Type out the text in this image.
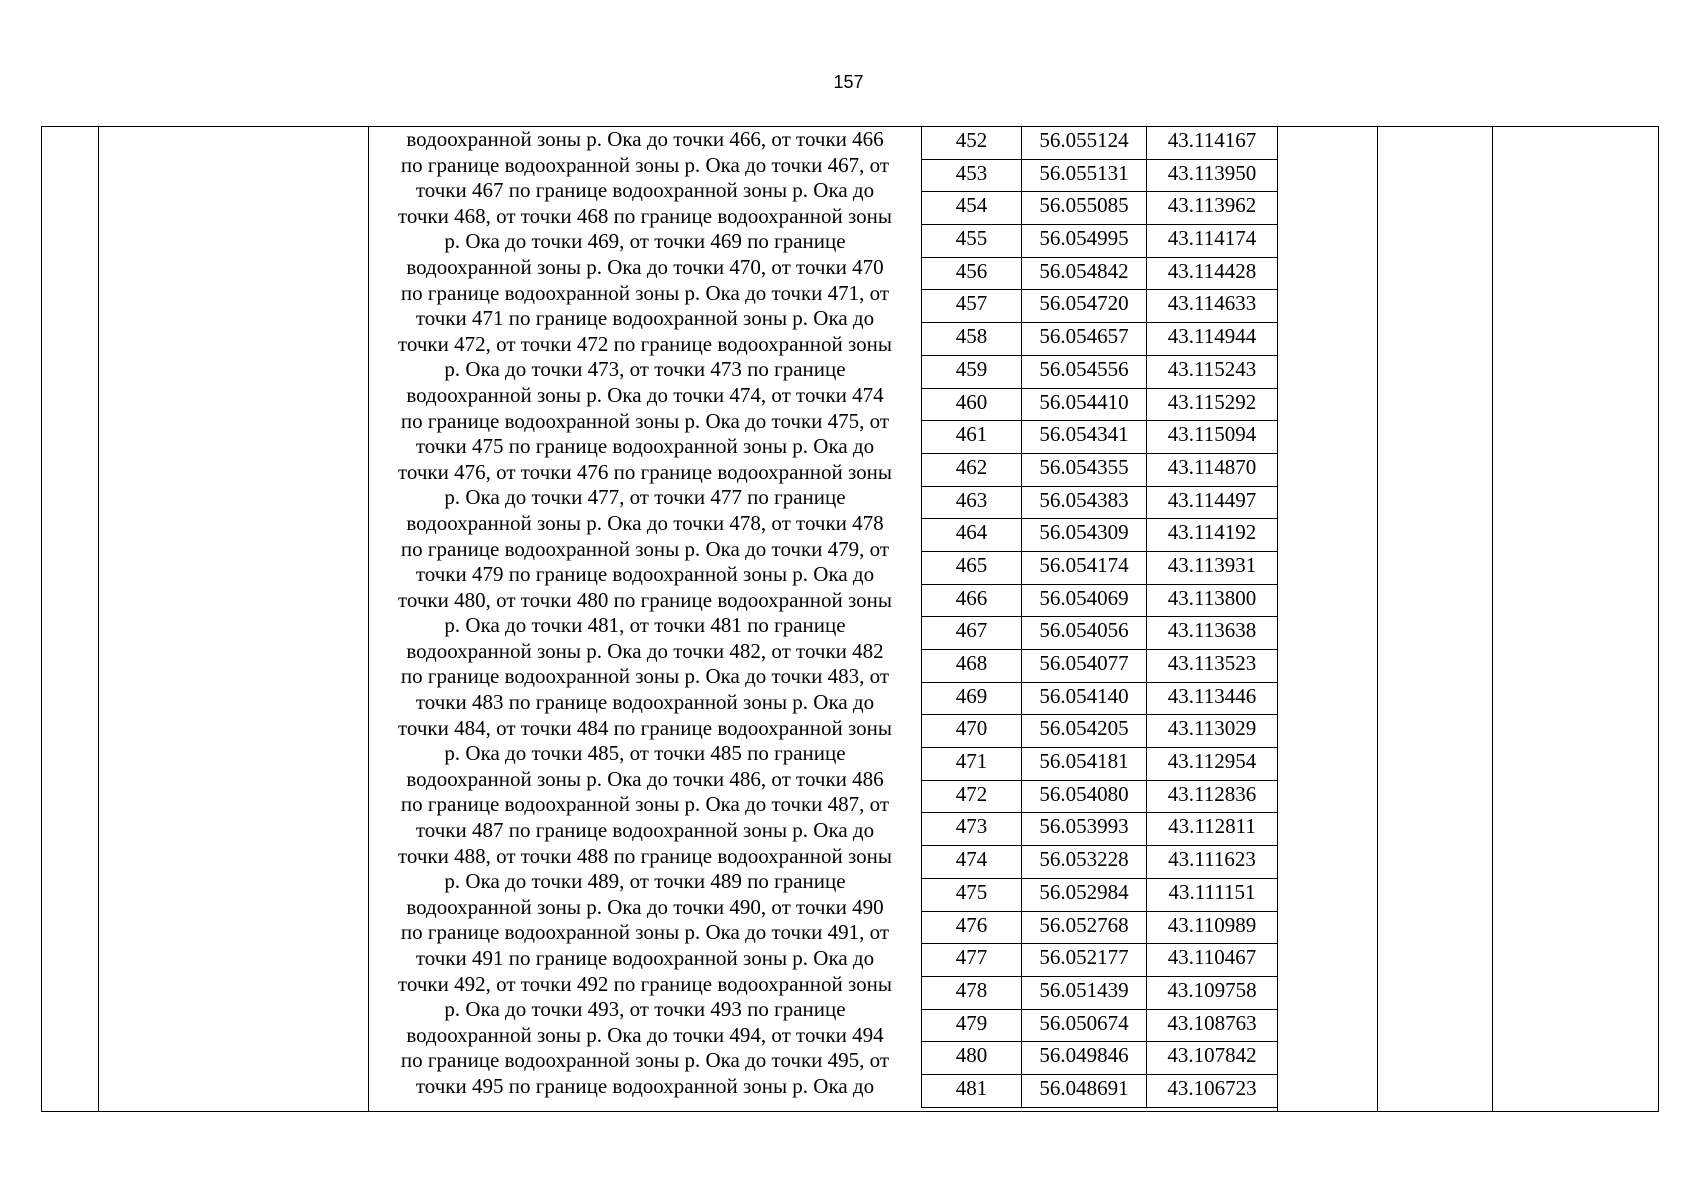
157
водоохранной зоны р. Ока до точки 466, от точки 466
по границе водоохранной зоны р. Ока до точки 467, от
точки 467 по границе водоохранной зоны р. Ока до
точки 468, от точки 468 по границе водоохранной зоны
р. Ока до точки 469, от точки 469 по границе
водоохранной зоны р. Ока до точки 470, от точки 470
по границе водоохранной зоны р. Ока до точки 471, от
точки 471 по границе водоохранной зоны р. Ока до
точки 472, от точки 472 по границе водоохранной зоны
р. Ока до точки 473, от точки 473 по границе
водоохранной зоны р. Ока до точки 474, от точки 474
по границе водоохранной зоны р. Ока до точки 475, от
точки 475 по границе водоохранной зоны р. Ока до
точки 476, от точки 476 по границе водоохранной зоны
р. Ока до точки 477, от точки 477 по границе
водоохранной зоны р. Ока до точки 478, от точки 478
по границе водоохранной зоны р. Ока до точки 479, от
точки 479 по границе водоохранной зоны р. Ока до
точки 480, от точки 480 по границе водоохранной зоны
р. Ока до точки 481, от точки 481 по границе
водоохранной зоны р. Ока до точки 482, от точки 482
по границе водоохранной зоны р. Ока до точки 483, от
точки 483 по границе водоохранной зоны р. Ока до
точки 484, от точки 484 по границе водоохранной зоны
р. Ока до точки 485, от точки 485 по границе
водоохранной зоны р. Ока до точки 486, от точки 486
по границе водоохранной зоны р. Ока до точки 487, от
точки 487 по границе водоохранной зоны р. Ока до
точки 488, от точки 488 по границе водоохранной зоны
р. Ока до точки 489, от точки 489 по границе
водоохранной зоны р. Ока до точки 490, от точки 490
по границе водоохранной зоны р. Ока до точки 491, от
точки 491 по границе водоохранной зоны р. Ока до
точки 492, от точки 492 по границе водоохранной зоны
р. Ока до точки 493, от точки 493 по границе
водоохранной зоны р. Ока до точки 494, от точки 494
по границе водоохранной зоны р. Ока до точки 495, от
точки 495 по границе водоохранной зоны р. Ока до
452	56.055124	43.114167
453	56.055131	43.113950
454	56.055085	43.113962
455	56.054995	43.114174
456	56.054842	43.114428
457	56.054720	43.114633
458	56.054657	43.114944
459	56.054556	43.115243
460	56.054410	43.115292
461	56.054341	43.115094
462	56.054355	43.114870
463	56.054383	43.114497
464	56.054309	43.114192
465	56.054174	43.113931
466	56.054069	43.113800
467	56.054056	43.113638
468	56.054077	43.113523
469	56.054140	43.113446
470	56.054205	43.113029
471	56.054181	43.112954
472	56.054080	43.112836
473	56.053993	43.112811
474	56.053228	43.111623
475	56.052984	43.111151
476	56.052768	43.110989
477	56.052177	43.110467
478	56.051439	43.109758
479	56.050674	43.108763
480	56.049846	43.107842
481	56.048691	43.106723
